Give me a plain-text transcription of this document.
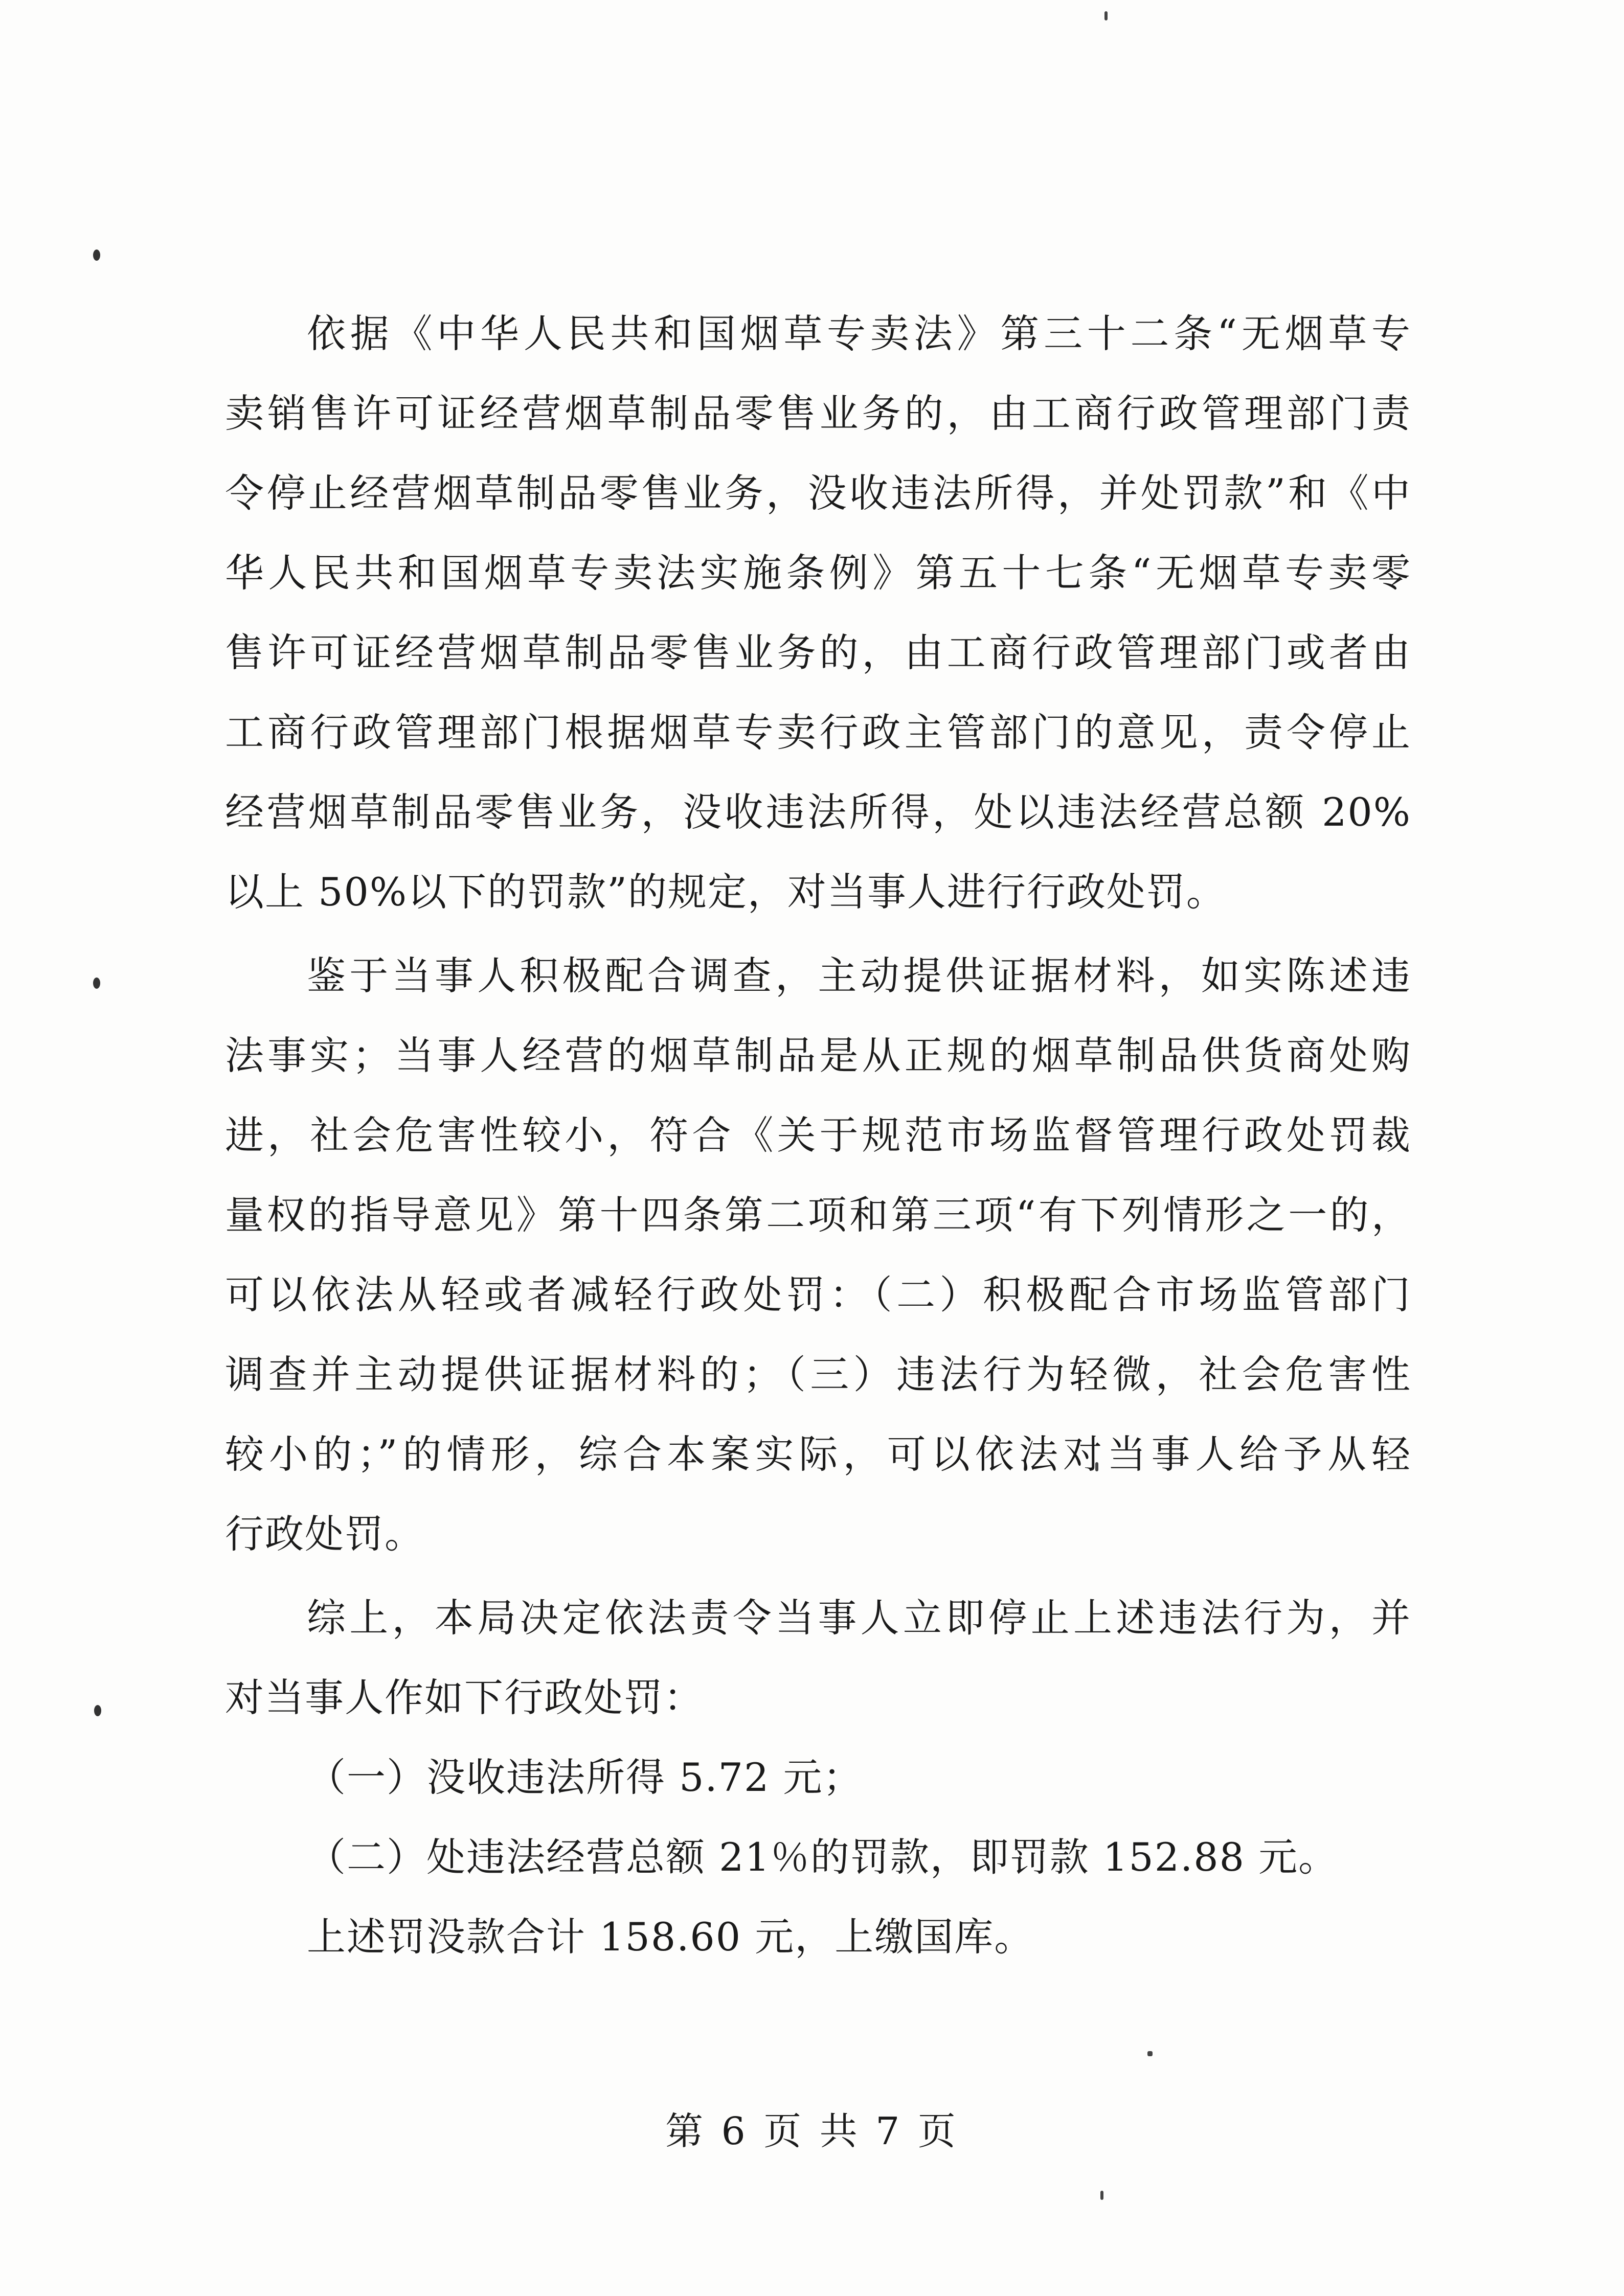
依据《中华人民共和国烟草专卖法》第三十二条“无烟草专
卖销售许可证经营烟草制品零售业务的，由工商行政管理部门责
令停止经营烟草制品零售业务，没收违法所得，并处罚款”和《中
华人民共和国烟草专卖法实施条例》第五十七条“无烟草专卖零
售许可证经营烟草制品零售业务的，由工商行政管理部门或者由
工商行政管理部门根据烟草专卖行政主管部门的意见，责令停止
经营烟草制品零售业务，没收违法所得，处以违法经营总额 20%
以上 50%以下的罚款”的规定，对当事人进行行政处罚。
鉴于当事人积极配合调查，主动提供证据材料，如实陈述违
法事实；当事人经营的烟草制品是从正规的烟草制品供货商处购
进，社会危害性较小，符合《关于规范市场监督管理行政处罚裁
量权的指导意见》第十四条第二项和第三项“有下列情形之一的，
可以依法从轻或者减轻行政处罚：（二）积极配合市场监管部门
调查并主动提供证据材料的；（三）违法行为轻微，社会危害性
较小的；”的情形，综合本案实际，可以依法对当事人给予从轻
行政处罚。
综上，本局决定依法责令当事人立即停止上述违法行为，并
对当事人作如下行政处罚：
（一）没收违法所得 5.72 元；
（二）处违法经营总额 21％的罚款，即罚款 152.88 元。
上述罚没款合计 158.60 元，上缴国库。
第 6 页 共 7 页
